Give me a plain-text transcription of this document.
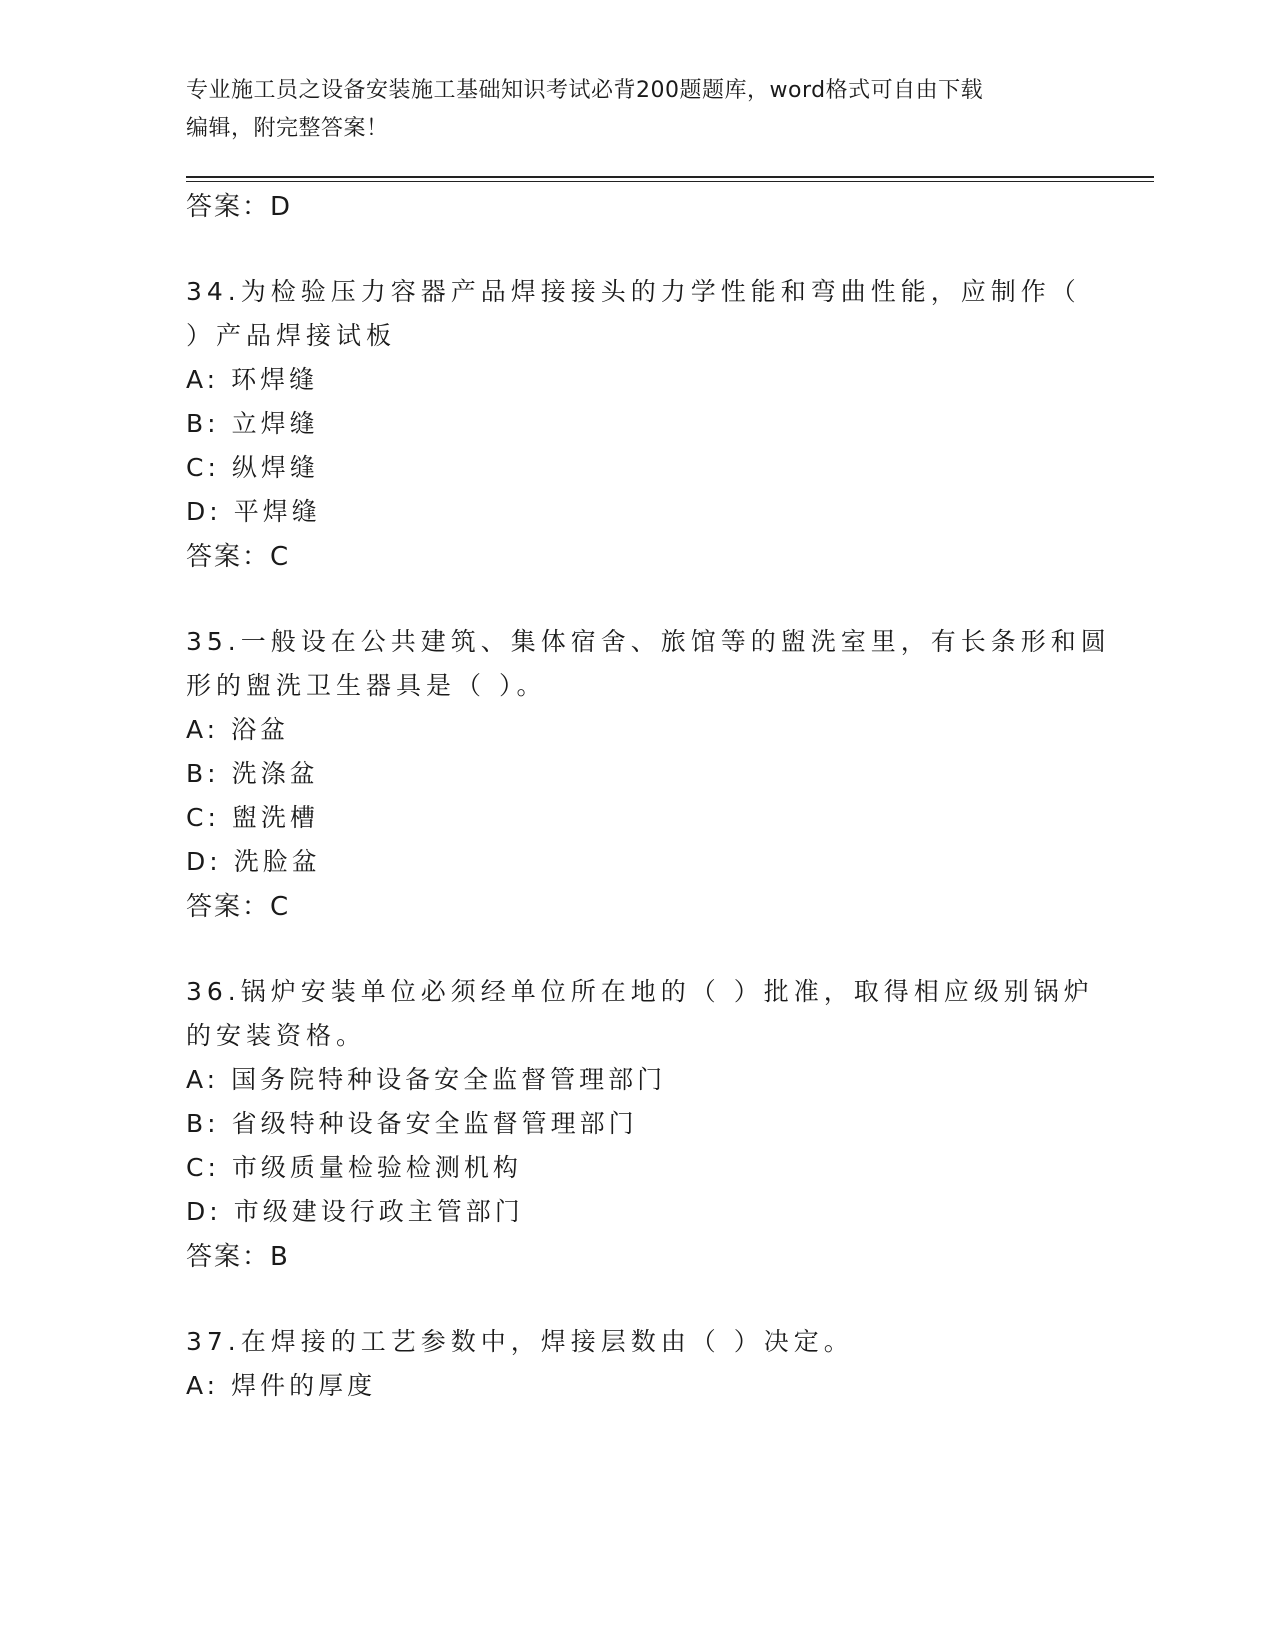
专业施工员之设备安装施工基础知识考试必背200题题库，word格式可自由下载
编辑，附完整答案！
答案：D
34.为检验压力容器产品焊接接头的力学性能和弯曲性能，应制作（
）产品焊接试板
A: 环焊缝
B: 立焊缝
C: 纵焊缝
D: 平焊缝
答案：C
35.一般设在公共建筑、集体宿舍、旅馆等的盥洗室里，有长条形和圆
形的盥洗卫生器具是（ ）。
A: 浴盆
B: 洗涤盆
C: 盥洗槽
D: 洗脸盆
答案：C
36.锅炉安装单位必须经单位所在地的（ ）批准，取得相应级别锅炉
的安装资格。
A: 国务院特种设备安全监督管理部门
B: 省级特种设备安全监督管理部门
C: 市级质量检验检测机构
D: 市级建设行政主管部门
答案：B
37.在焊接的工艺参数中，焊接层数由（ ）决定。
A: 焊件的厚度
